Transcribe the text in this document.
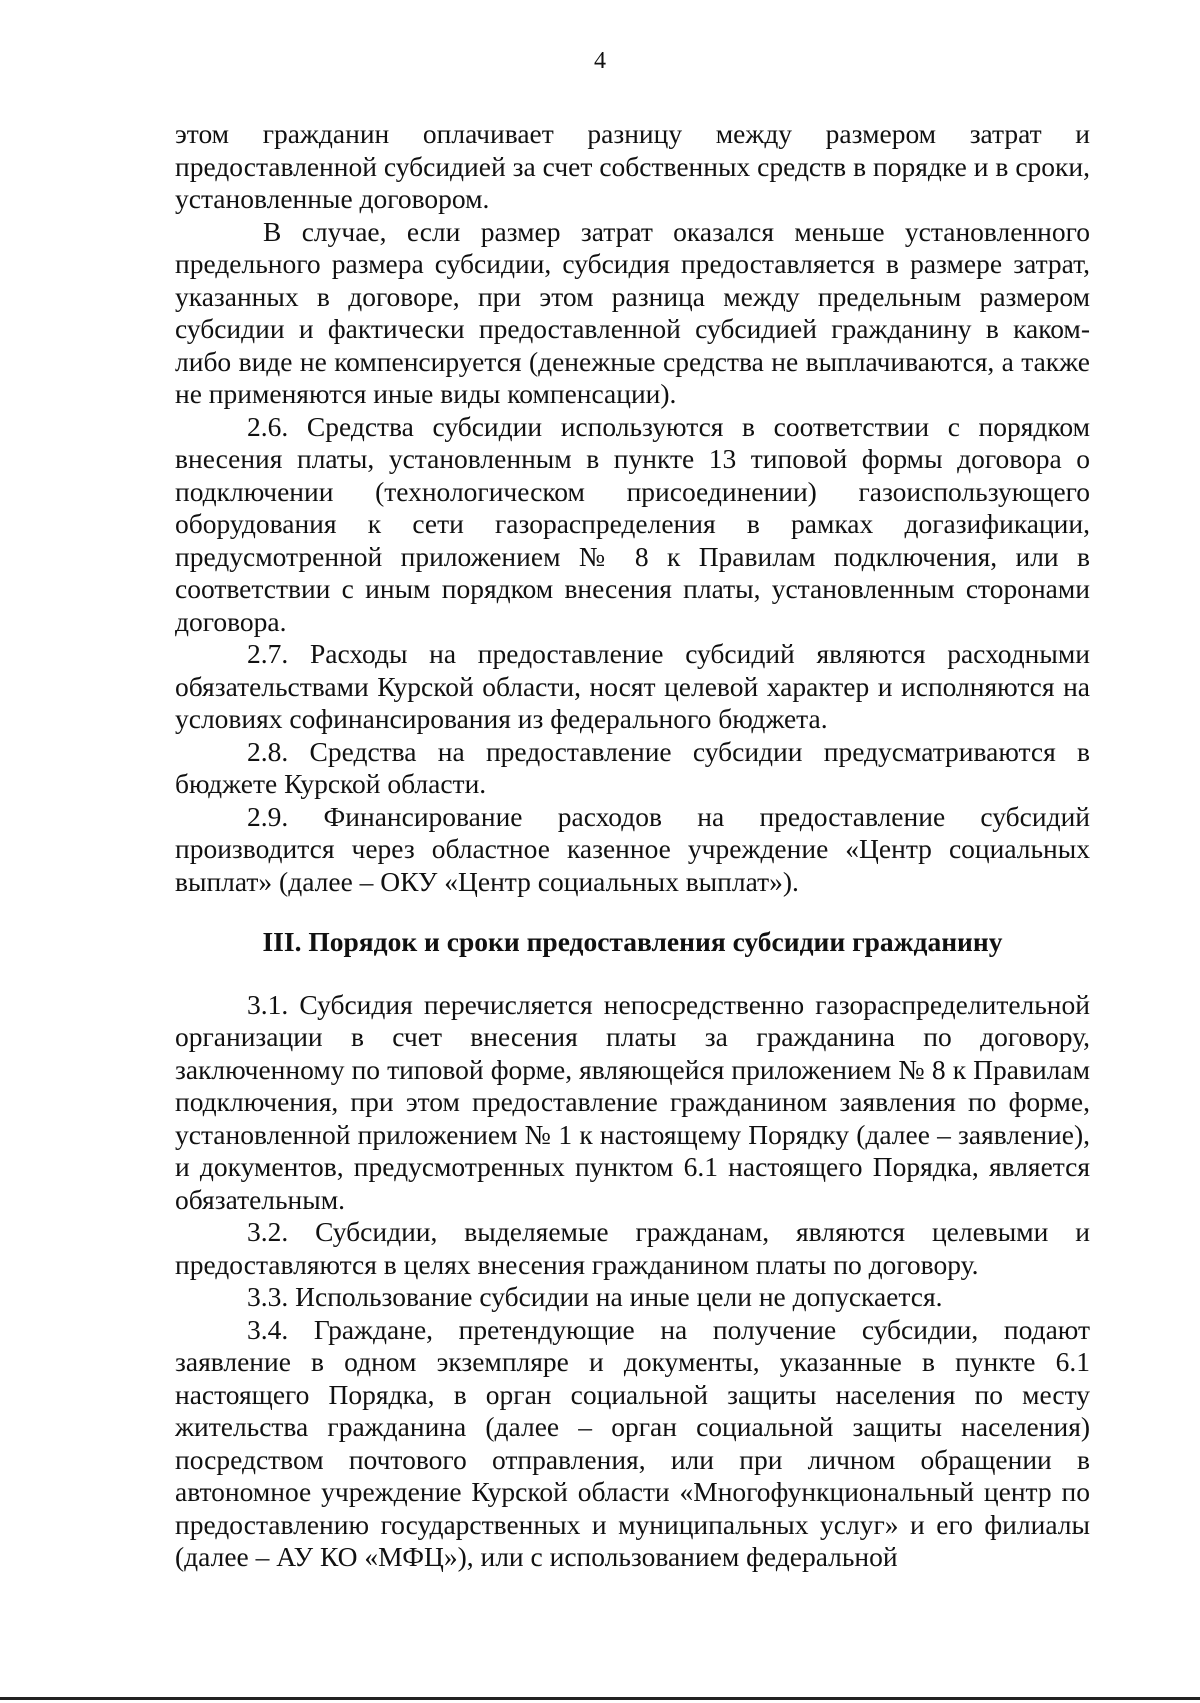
4

этом гражданин оплачивает разницу между размером затрат и предоставленной субсидией за счет собственных средств в порядке и в сроки, установленные договором.

В случае, если размер затрат оказался меньше установленного предельного размера субсидии, субсидия предоставляется в размере затрат, указанных в договоре, при этом разница между предельным размером субсидии и фактически предоставленной субсидией гражданину в каком-либо виде не компенсируется (денежные средства не выплачиваются, а также не применяются иные виды компенсации).

2.6. Средства субсидии используются в соответствии с порядком внесения платы, установленным в пункте 13 типовой формы договора о подключении (технологическом присоединении) газоиспользующего оборудования к сети газораспределения в рамках догазификации, предусмотренной приложением № 8 к Правилам подключения, или в соответствии с иным порядком внесения платы, установленным сторонами договора.

2.7. Расходы на предоставление субсидий являются расходными обязательствами Курской области, носят целевой характер и исполняются на условиях софинансирования из федерального бюджета.

2.8. Средства на предоставление субсидии предусматриваются в бюджете Курской области.

2.9. Финансирование расходов на предоставление субсидий производится через областное казенное учреждение «Центр социальных выплат» (далее – ОКУ «Центр социальных выплат»).

III. Порядок и сроки предоставления субсидии гражданину

3.1. Субсидия перечисляется непосредственно газораспределительной организации в счет внесения платы за гражданина по договору, заключенному по типовой форме, являющейся приложением № 8 к Правилам подключения, при этом предоставление гражданином заявления по форме, установленной приложением № 1 к настоящему Порядку (далее – заявление), и документов, предусмотренных пунктом 6.1 настоящего Порядка, является обязательным.

3.2. Субсидии, выделяемые гражданам, являются целевыми и предоставляются в целях внесения гражданином платы по договору.

3.3. Использование субсидии на иные цели не допускается.

3.4. Граждане, претендующие на получение субсидии, подают заявление в одном экземпляре и документы, указанные в пункте 6.1 настоящего Порядка, в орган социальной защиты населения по месту жительства гражданина (далее – орган социальной защиты населения) посредством почтового отправления, или при личном обращении в автономное учреждение Курской области «Многофункциональный центр по предоставлению государственных и муниципальных услуг» и его филиалы (далее – АУ КО «МФЦ»), или с использованием федеральной
